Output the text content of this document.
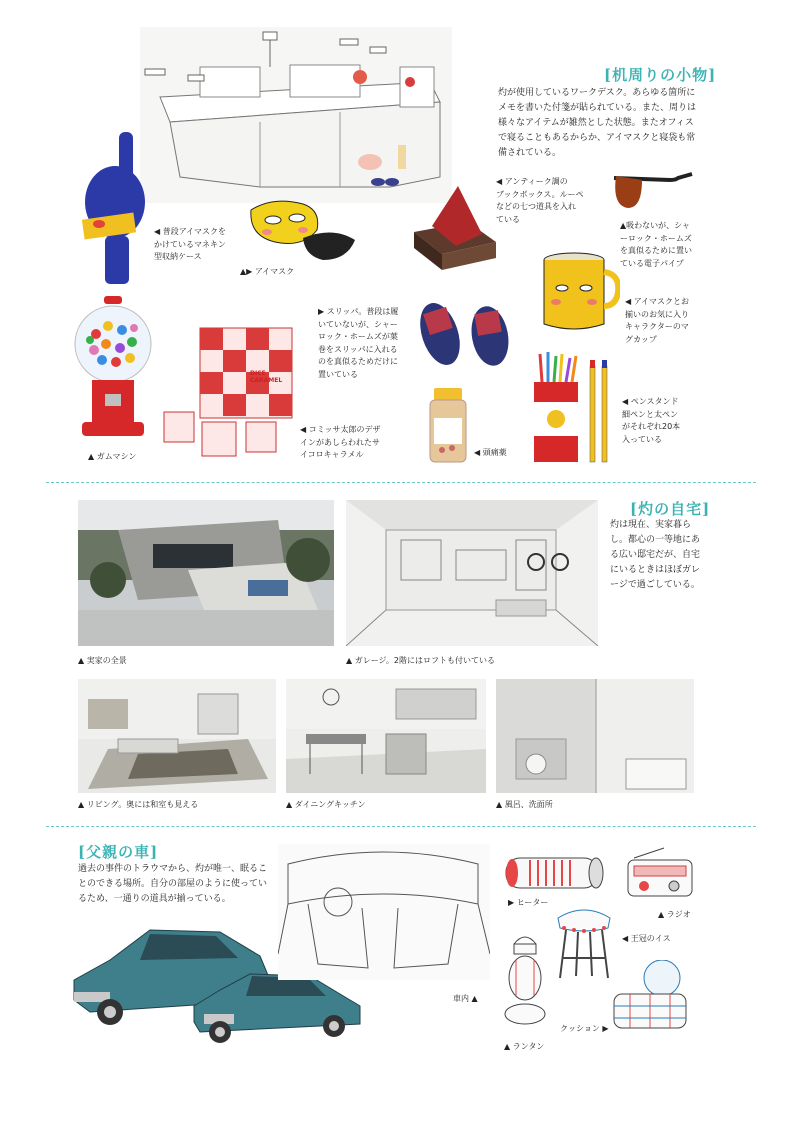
[机周りの小物]
灼が使用しているワークデスク。あらゆる箇所にメモを書いた付箋が貼られている。また、周りは様々なアイテムが雑然とした状態。またオフィスで寝ることもあるからか、アイマスクと寝袋も常備されている。
◀ 普段アイマスクを
かけているマネキン
型収納ケース
▲▶ アイマスク
◀ アンティーク調の
ブックボックス。ルーペ
などの七つ道具を入れ
ている
▲吸わないが、シャ
ーロック・ホームズ
を真似るために置い
ている電子パイプ
◀ アイマスクとお
揃いのお気に入り
キャラクターのマ
グカップ
▲ ガムマシン
DICE CARAMEL
◀ コミッサ太郎のデザ
インがあしらわれたサ
イコロキャラメル
▶ スリッパ。普段は履
いていないが、シャー
ロック・ホームズが葉
巻をスリッパに入れる
のを真似るためだけに
置いている
◀ 頭痛薬
◀ ペンスタンド
細ペンと太ペン
がそれぞれ20本
入っている
[灼の自宅]
灼は現在、実家暮らし。都心の一等地にある広い邸宅だが、自宅にいるときはほぼガレージで過ごしている。
▲ 実家の全景	▲ ガレージ。2階にはロフトも付いている
▲ リビング。奥には和室も見える	▲ ダイニングキッチン	▲ 風呂、洗面所
[父親の車]
過去の事件のトラウマから、灼が唯一、眠ることのできる場所。自分の部屋のように使っているため、一通りの道具が揃っている。
車内 ▲
▶ ヒーター
▲ ラジオ
◀ 王冠のイス
▲ ランタン
クッション ▶
